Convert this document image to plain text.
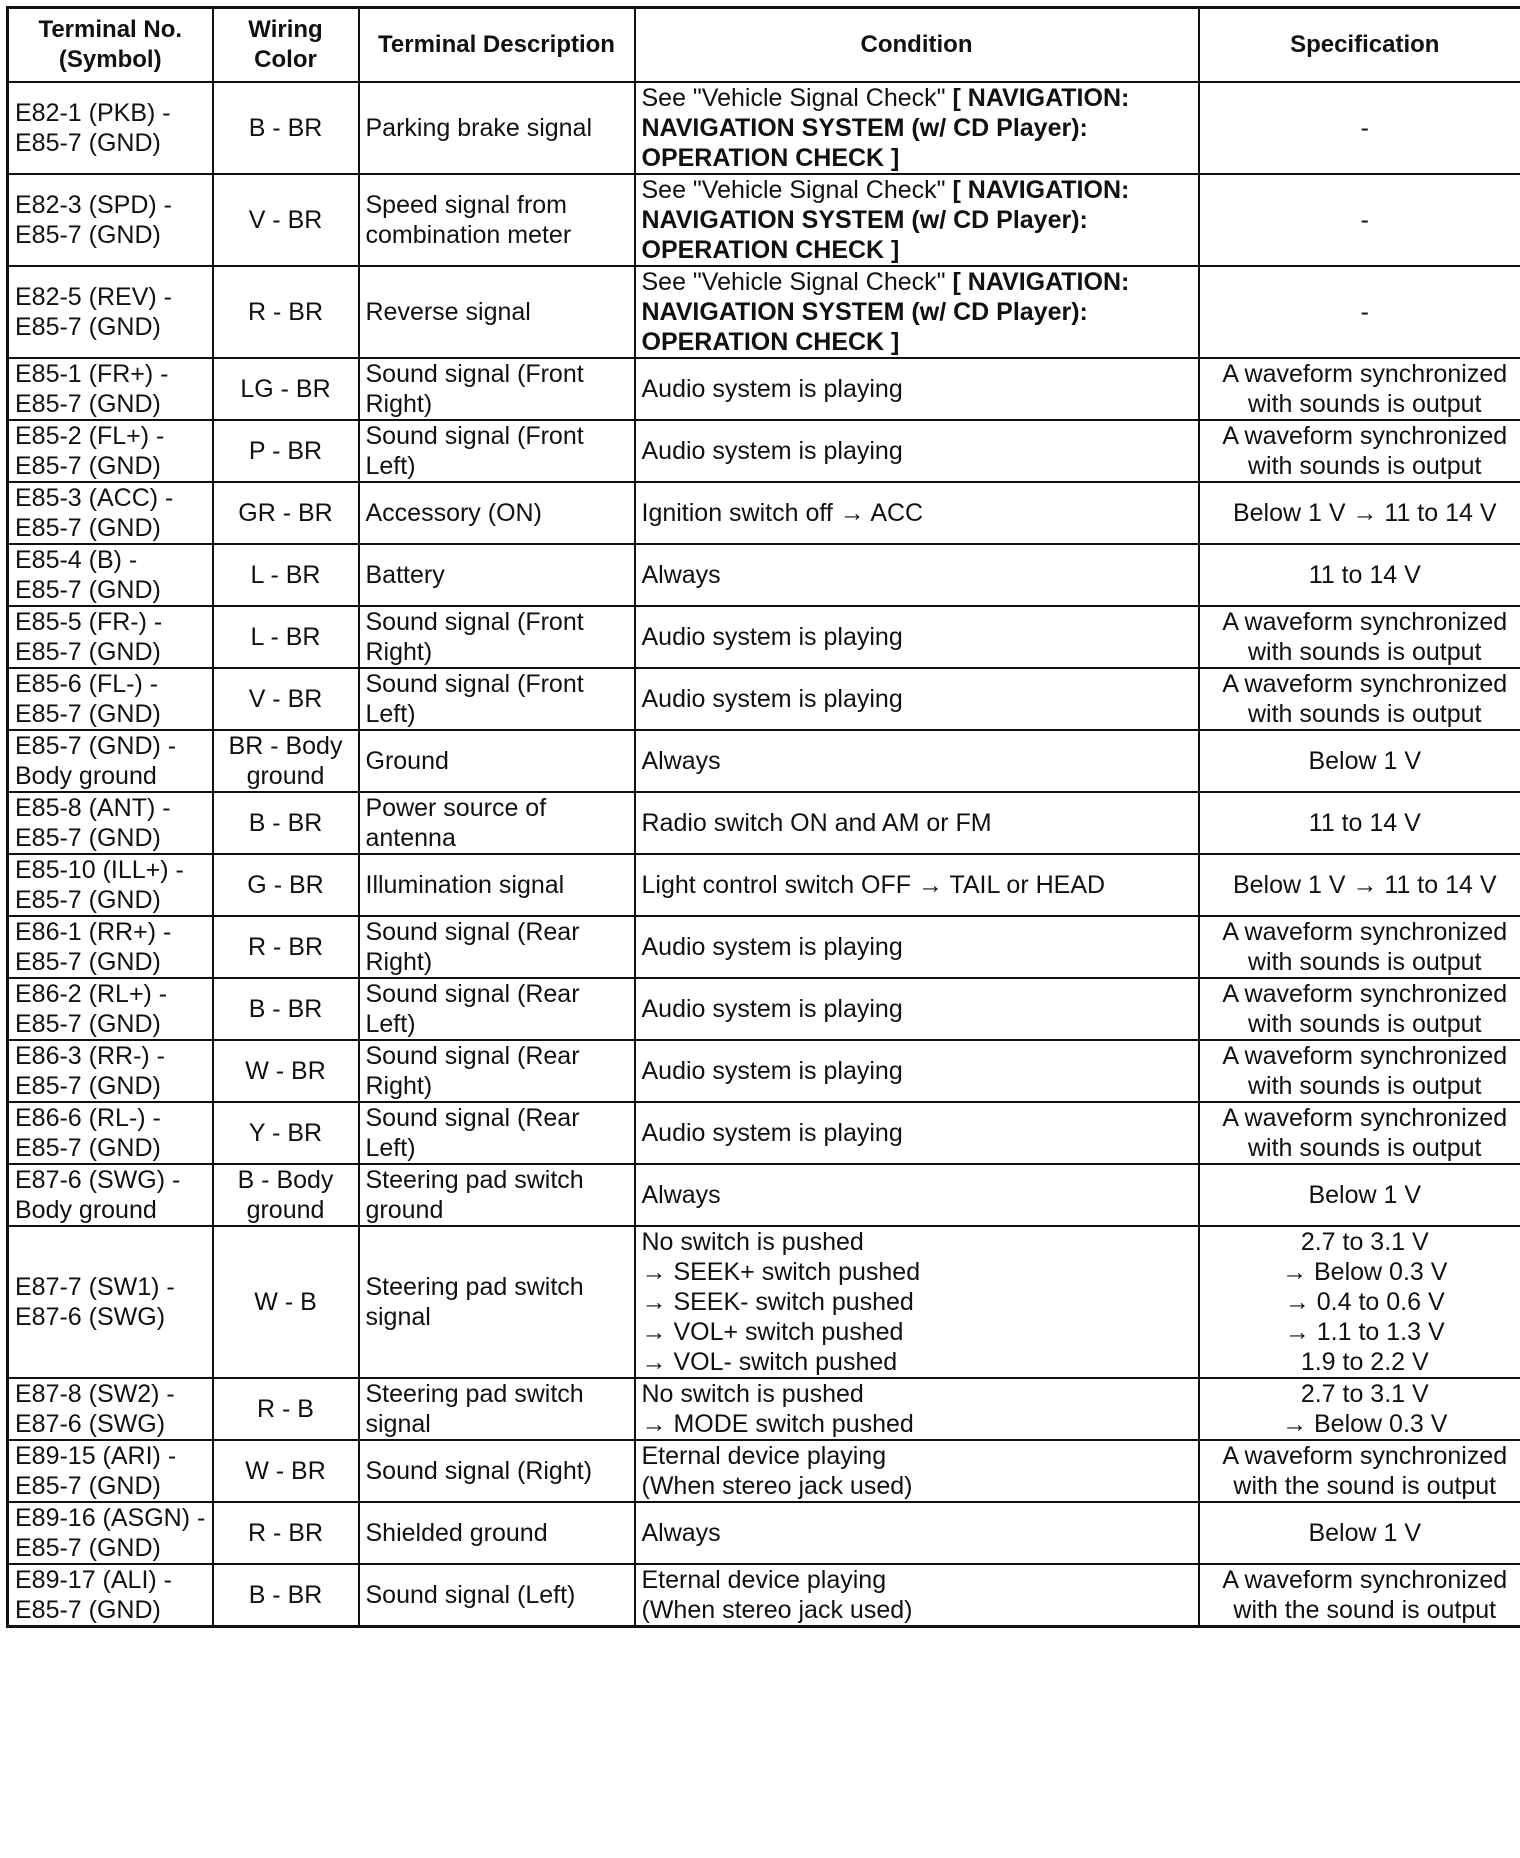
Terminal No.
(Symbol)	Wiring
Color	Terminal Description	Condition	Specification

E82-1 (PKB) -
E85-7 (GND)	B - BR	Parking brake signal	See "Vehicle Signal Check" [ NAVIGATION:
NAVIGATION SYSTEM (w/ CD Player):
OPERATION CHECK ]	-

E82-3 (SPD) -
E85-7 (GND)	V - BR	Speed signal from
combination meter	See "Vehicle Signal Check" [ NAVIGATION:
NAVIGATION SYSTEM (w/ CD Player):
OPERATION CHECK ]	-

E82-5 (REV) -
E85-7 (GND)	R - BR	Reverse signal	See "Vehicle Signal Check" [ NAVIGATION:
NAVIGATION SYSTEM (w/ CD Player):
OPERATION CHECK ]	-

E85-1 (FR+) -
E85-7 (GND)	LG - BR	Sound signal (Front
Right)	Audio system is playing	A waveform synchronized
with sounds is output

E85-2 (FL+) -
E85-7 (GND)	P - BR	Sound signal (Front
Left)	Audio system is playing	A waveform synchronized
with sounds is output

E85-3 (ACC) -
E85-7 (GND)	GR - BR	Accessory (ON)	Ignition switch off → ACC	Below 1 V → 11 to 14 V

E85-4 (B) -
E85-7 (GND)	L - BR	Battery	Always	11 to 14 V

E85-5 (FR-) -
E85-7 (GND)	L - BR	Sound signal (Front
Right)	Audio system is playing	A waveform synchronized
with sounds is output

E85-6 (FL-) -
E85-7 (GND)	V - BR	Sound signal (Front
Left)	Audio system is playing	A waveform synchronized
with sounds is output

E85-7 (GND) -
Body ground	BR - Body
ground	Ground	Always	Below 1 V

E85-8 (ANT) -
E85-7 (GND)	B - BR	Power source of
antenna	Radio switch ON and AM or FM	11 to 14 V

E85-10 (ILL+) -
E85-7 (GND)	G - BR	Illumination signal	Light control switch OFF → TAIL or HEAD	Below 1 V → 11 to 14 V

E86-1 (RR+) -
E85-7 (GND)	R - BR	Sound signal (Rear
Right)	Audio system is playing	A waveform synchronized
with sounds is output

E86-2 (RL+) -
E85-7 (GND)	B - BR	Sound signal (Rear
Left)	Audio system is playing	A waveform synchronized
with sounds is output

E86-3 (RR-) -
E85-7 (GND)	W - BR	Sound signal (Rear
Right)	Audio system is playing	A waveform synchronized
with sounds is output

E86-6 (RL-) -
E85-7 (GND)	Y - BR	Sound signal (Rear
Left)	Audio system is playing	A waveform synchronized
with sounds is output

E87-6 (SWG) -
Body ground	B - Body
ground	Steering pad switch
ground	Always	Below 1 V

E87-7 (SW1) -
E87-6 (SWG)	W - B	Steering pad switch
signal	No switch is pushed
→ SEEK+ switch pushed
→ SEEK- switch pushed
→ VOL+ switch pushed
→ VOL- switch pushed	2.7 to 3.1 V
→ Below 0.3 V
→ 0.4 to 0.6 V
→ 1.1 to 1.3 V
1.9 to 2.2 V

E87-8 (SW2) -
E87-6 (SWG)	R - B	Steering pad switch
signal	No switch is pushed
→ MODE switch pushed	2.7 to 3.1 V
→ Below 0.3 V

E89-15 (ARI) -
E85-7 (GND)	W - BR	Sound signal (Right)	Eternal device playing
(When stereo jack used)	A waveform synchronized
with the sound is output

E89-16 (ASGN) -
E85-7 (GND)	R - BR	Shielded ground	Always	Below 1 V

E89-17 (ALI) -
E85-7 (GND)	B - BR	Sound signal (Left)	Eternal device playing
(When stereo jack used)	A waveform synchronized
with the sound is output
